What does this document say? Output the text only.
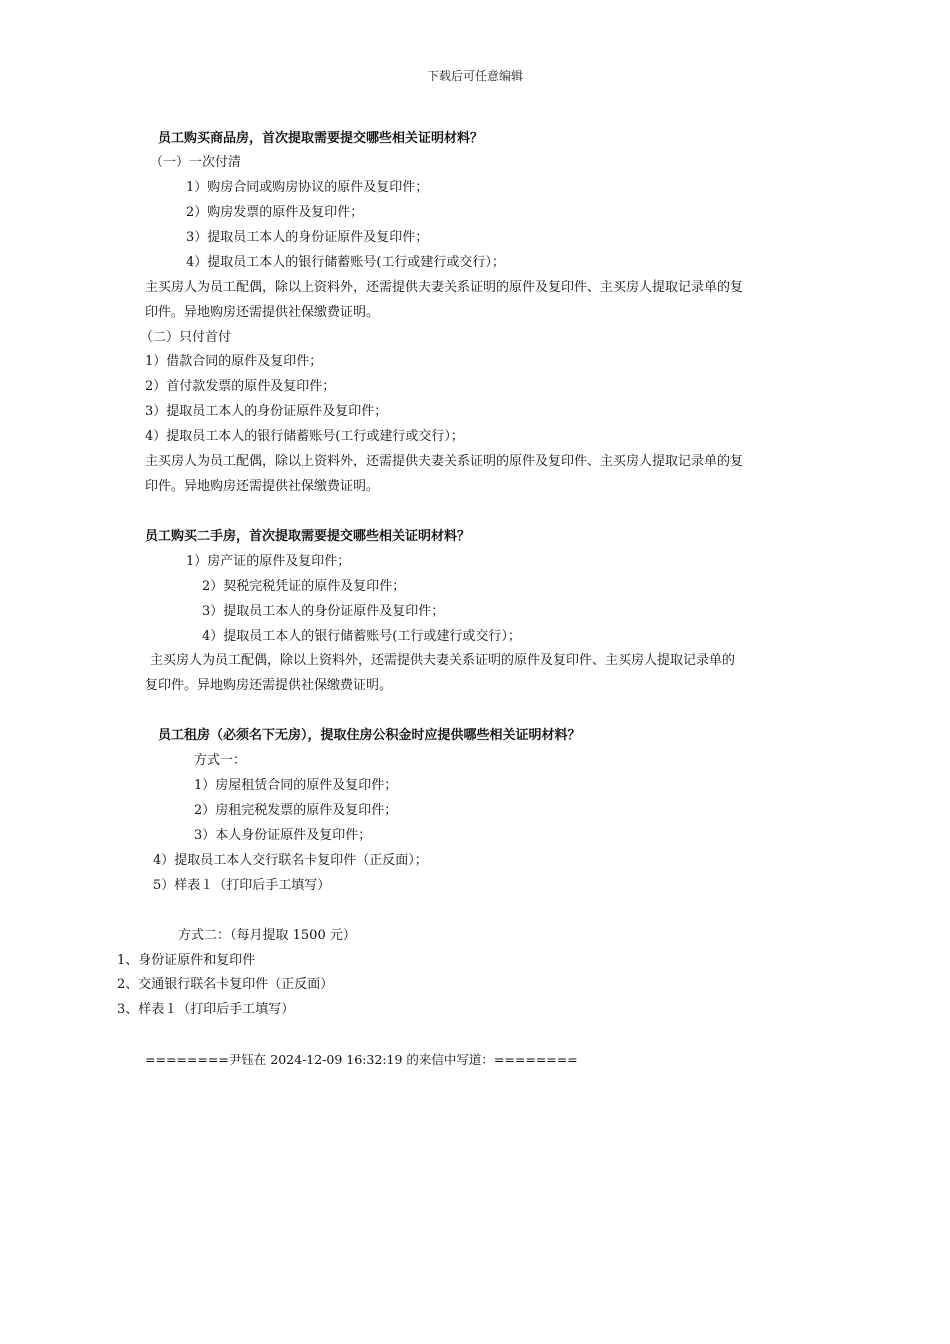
下载后可任意编辑
员工购买商品房，首次提取需要提交哪些相关证明材料？
（一）一次付清
1）购房合同或购房协议的原件及复印件；
2）购房发票的原件及复印件；
3）提取员工本人的身份证原件及复印件；
4）提取员工本人的银行储蓄账号(工行或建行或交行）；
主买房人为员工配偶，除以上资料外，还需提供夫妻关系证明的原件及复印件、主买房人提取记录单的复
印件。异地购房还需提供社保缴费证明。
（二）只付首付
1）借款合同的原件及复印件；
2）首付款发票的原件及复印件；
3）提取员工本人的身份证原件及复印件；
4）提取员工本人的银行储蓄账号(工行或建行或交行）；
主买房人为员工配偶，除以上资料外，还需提供夫妻关系证明的原件及复印件、主买房人提取记录单的复
印件。异地购房还需提供社保缴费证明。
员工购买二手房，首次提取需要提交哪些相关证明材料？
1）房产证的原件及复印件；
2）契税完税凭证的原件及复印件；
3）提取员工本人的身份证原件及复印件；
4）提取员工本人的银行储蓄账号(工行或建行或交行）；
主买房人为员工配偶，除以上资料外，还需提供夫妻关系证明的原件及复印件、主买房人提取记录单的
复印件。异地购房还需提供社保缴费证明。
员工租房（必须名下无房），提取住房公积金时应提供哪些相关证明材料？
方式一：
1）房屋租赁合同的原件及复印件；
2）房租完税发票的原件及复印件；
3）本人身份证原件及复印件；
4）提取员工本人交行联名卡复印件（正反面）；
5）样表１（打印后手工填写）
方式二：（每月提取 1500 元）
1、身份证原件和复印件
2、交通银行联名卡复印件（正反面）
3、样表１（打印后手工填写）
========尹钰在 2024-12-09 16:32:19 的来信中写道：========
